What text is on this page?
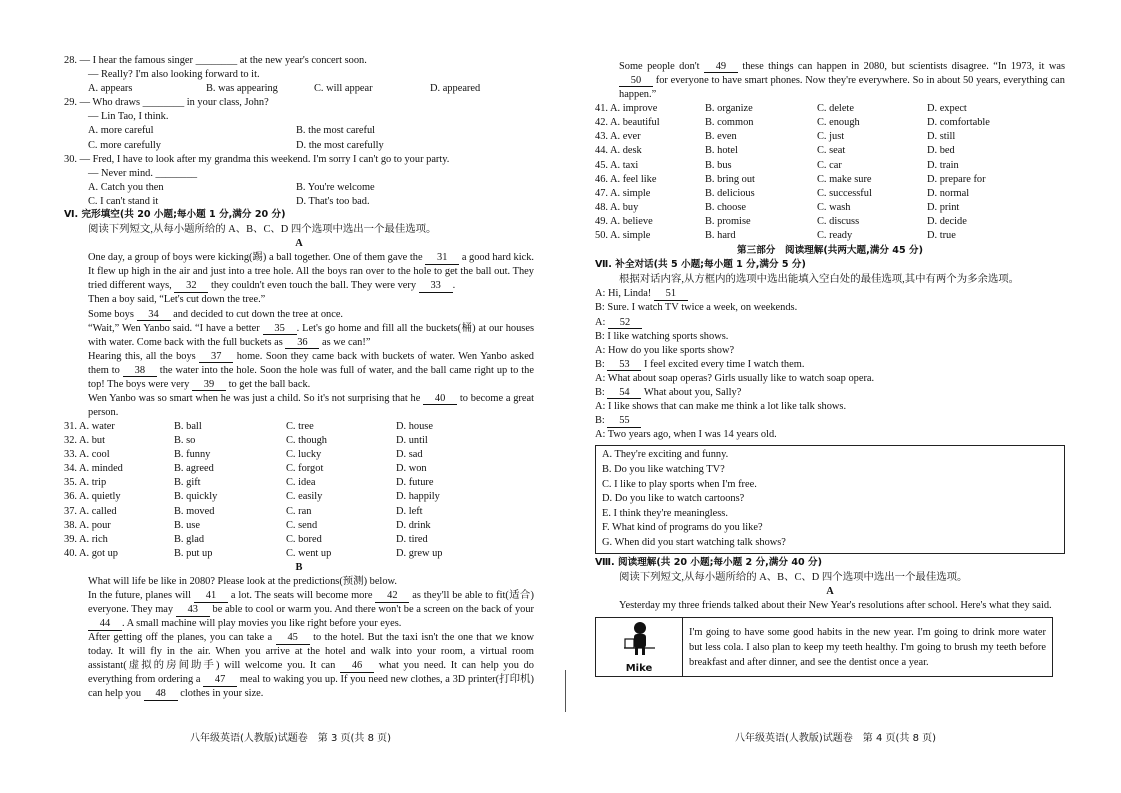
28. — I hear the famous singer ________ at the new year's concert soon.
— Really? I'm also looking forward to it.
A. appears	B. was appearing	C. will appear	D. appeared
29. — Who draws ________ in your class, John?
— Lin Tao, I think.
A. more careful	B. the most careful
C. more carefully	D. the most carefully
30. — Fred, I have to look after my grandma this weekend. I'm sorry I can't go to your party.
— Never mind. ________
A. Catch you then	B. You're welcome
C. I can't stand it	D. That's too bad.
Ⅵ. 完形填空(共 20 小题;每小题 1 分,满分 20 分)
阅读下列短文,从每小题所给的 A、B、C、D 四个选项中选出一个最佳选项。
A
One day, a group of boys were kicking(踢) a ball together. One of them gave the 31 a good hard kick. It flew up high in the air and just into a tree hole. All the boys ran over to the hole to get the ball out. They tried different ways, 32 they couldn't even touch the ball. They were very 33 .
Then a boy said, “Let's cut down the tree.”
Some boys 34 and decided to cut down the tree at once.
“Wait,” Wen Yanbo said. “I have a better 35 . Let's go home and fill all the buckets(桶) at our houses with water. Come back with the full buckets as 36 as we can!”
Hearing this, all the boys 37 home. Soon they came back with buckets of water. Wen Yanbo asked them to 38 the water into the hole. Soon the hole was full of water, and the ball came right up to the top! The boys were very 39 to get the ball back.
Wen Yanbo was so smart when he was just a child. So it's not surprising that he 40 to become a great person.
31. A. water	B. ball	C. tree	D. house
32. A. but	B. so	C. though	D. until
33. A. cool	B. funny	C. lucky	D. sad
34. A. minded	B. agreed	C. forgot	D. won
35. A. trip	B. gift	C. idea	D. future
36. A. quietly	B. quickly	C. easily	D. happily
37. A. called	B. moved	C. ran	D. left
38. A. pour	B. use	C. send	D. drink
39. A. rich	B. glad	C. bored	D. tired
40. A. got up	B. put up	C. went up	D. grew up
B
What will life be like in 2080? Please look at the predictions(预测) below.
In the future, planes will 41 a lot. The seats will become more 42 as they'll be able to fit(适合) everyone. They may 43 be able to cool or warm you. And there won't be a screen on the back of your 44 . A small machine will play movies you like right before your eyes.
After getting off the planes, you can take a 45 to the hotel. But the taxi isn't the one that we know today. It will fly in the air. When you arrive at the hotel and walk into your room, a virtual room assistant(虚拟的房间助手) will welcome you. It can 46 what you need. It can help you do everything from ordering a 47 meal to waking you up. If you need new clothes, a 3D printer(打印机) can help you 48 clothes in your size.
八年级英语(人教版)试题卷　第 3 页(共 8 页)
Some people don't 49 these things can happen in 2080, but scientists disagree. “In 1973, it was 50 for everyone to have smart phones. Now they're everywhere. So in about 50 years, everything can happen.”
41. A. improve	B. organize	C. delete	D. expect
42. A. beautiful	B. common	C. enough	D. comfortable
43. A. ever	B. even	C. just	D. still
44. A. desk	B. hotel	C. seat	D. bed
45. A. taxi	B. bus	C. car	D. train
46. A. feel like	B. bring out	C. make sure	D. prepare for
47. A. simple	B. delicious	C. successful	D. normal
48. A. buy	B. choose	C. wash	D. print
49. A. believe	B. promise	C. discuss	D. decide
50. A. simple	B. hard	C. ready	D. true
第三部分　阅读理解(共两大题,满分 45 分)
Ⅶ. 补全对话(共 5 小题;每小题 1 分,满分 5 分)
根据对话内容,从方框内的选项中选出能填入空白处的最佳选项,其中有两个为多余选项。
A: Hi, Linda! 51
B: Sure. I watch TV twice a week, on weekends.
A: 52
B: I like watching sports shows.
A: How do you like sports show?
B: 53 I feel excited every time I watch them.
A: What about soap operas? Girls usually like to watch soap opera.
B: 54 What about you, Sally?
A: I like shows that can make me think a lot like talk shows.
B: 55
A: Two years ago, when I was 14 years old.
A. They're exciting and funny.
B. Do you like watching TV?
C. I like to play sports when I'm free.
D. Do you like to watch cartoons?
E. I think they're meaningless.
F. What kind of programs do you like?
G. When did you start watching talk shows?
Ⅷ. 阅读理解(共 20 小题;每小题 2 分,满分 40 分)
阅读下列短文,从每小题所给的 A、B、C、D 四个选项中选出一个最佳选项。
A
Yesterday my three friends talked about their New Year's resolutions after school. Here's what they said.
Mike
	I'm going to have some good habits in the new year. I'm going to drink more water but less cola. I also plan to keep my teeth healthy. I'm going to brush my teeth before breakfast and after dinner, and see the dentist once a year.
八年级英语(人教版)试题卷　第 4 页(共 8 页)
